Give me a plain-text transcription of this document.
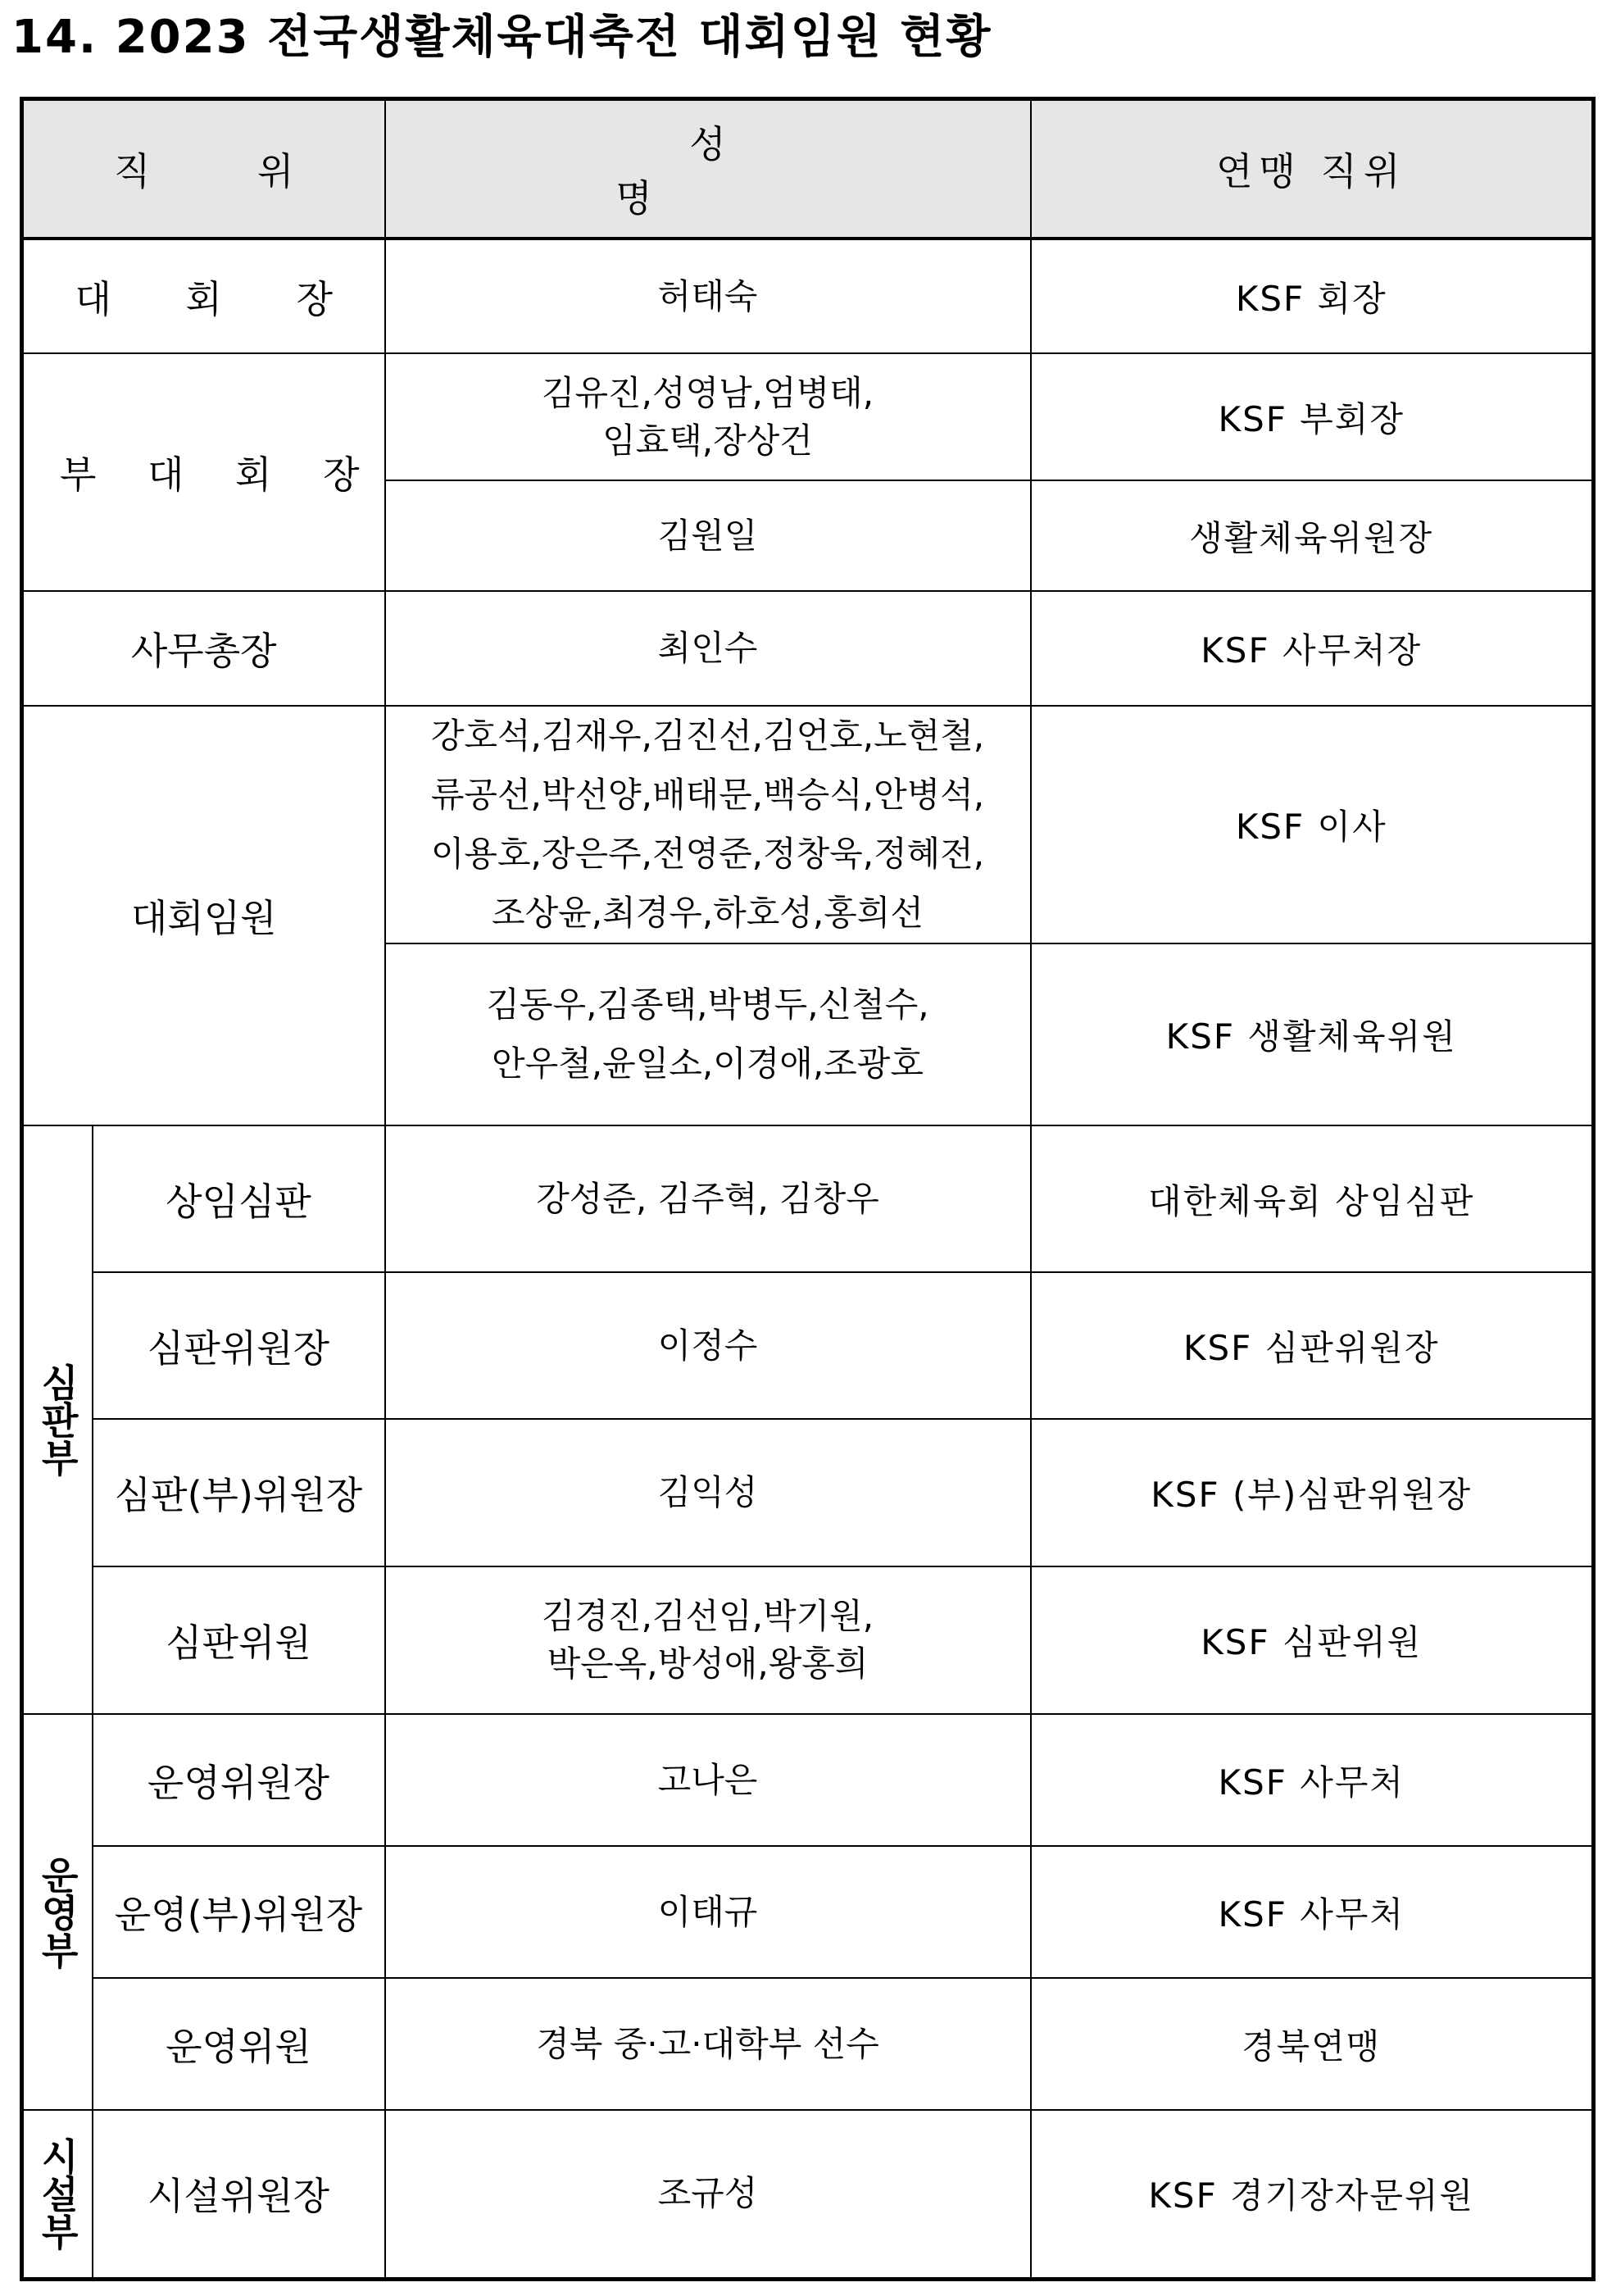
14. 2023 전국생활체육대축전 대회임원 현황
직 위		성 명	연맹 직위
대 회 장		허태숙	KSF 회장
부 대 회 장		김유진,성영남,엄병태,
임효택,장상건	KSF 부회장
		김원일	생활체육위원장
사무총장		최인수	KSF 사무처장
대회임원		강호석,김재우,김진선,김언호,노현철,
류공선,박선양,배태문,백승식,안병석,
이용호,장은주,전영준,정창욱,정혜전,
조상윤,최경우,하호성,홍희선	KSF 이사
		김동우,김종택,박병두,신철수,
안우철,윤일소,이경애,조광호	KSF 생활체육위원

심판부	상임심판	강성준, 김주혁, 김창우	대한체육회 상임심판
	심판위원장	이정수	KSF 심판위원장
	심판(부)위원장	김익성	KSF (부)심판위원장
	심판위원	김경진,김선임,박기원,
박은옥,방성애,왕홍희	KSF 심판위원

운영부	운영위원장	고나은	KSF 사무처
	운영(부)위원장	이태규	KSF 사무처
	운영위원	경북 중·고·대학부 선수	경북연맹

시설부	시설위원장	조규성	KSF 경기장자문위원
